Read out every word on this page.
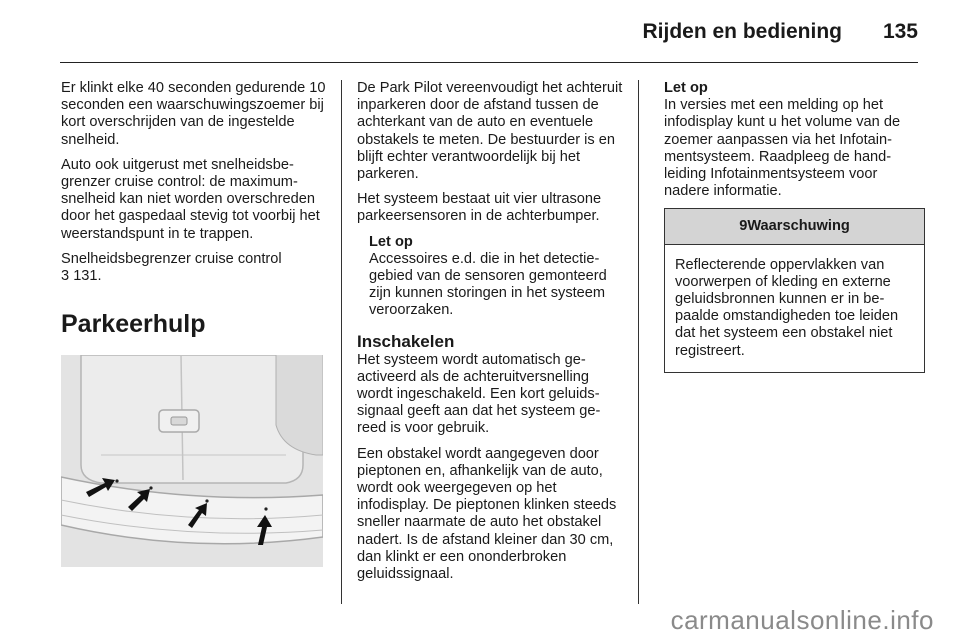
Rijden en bediening 135

Er klinkt elke 40 seconden gedurende 10 seconden een waarschuwingszoemer bij kort overschrijden van de ingestelde snelheid.

Auto ook uitgerust met snelheidsbegrenzer cruise control: de maximumsnelheid kan niet worden overschreden door het gaspedaal stevig tot voorbij het weerstandspunt in te trappen.

Snelheidsbegrenzer cruise control
3 131.

Parkeerhulp

De Park Pilot vereenvoudigt het achteruit inparkeren door de afstand tussen de achterkant van de auto en eventuele obstakels te meten. De bestuurder is en blijft echter verantwoordelijk bij het parkeren.

Het systeem bestaat uit vier ultrasone parkeersensoren in de achterbumper.

Let op
Accessoires e.d. die in het detectiegebied van de sensoren gemonteerd zijn kunnen storingen in het systeem veroorzaken.
Inschakelen

Het systeem wordt automatisch geactiveerd als de achteruitversnelling wordt ingeschakeld. Een kort geluidssignaal geeft aan dat het systeem gereed is voor gebruik.

Een obstakel wordt aangegeven door pieptonen en, afhankelijk van de auto, wordt ook weergegeven op het infodisplay. De pieptonen klinken steeds sneller naarmate de auto het obstakel nadert. Is de afstand kleiner dan 30 cm, dan klinkt er een ononderbroken geluidssignaal.

Let op
In versies met een melding op het infodisplay kunt u het volume van de zoemer aanpassen via het Infotainmentsysteem. Raadpleeg de handleiding Infotainmentsysteem voor nadere informatie.
9Waarschuwing
Reflecterende oppervlakken van voorwerpen of kleding en externe geluidsbronnen kunnen er in bepaalde omstandigheden toe leiden dat het systeem een obstakel niet registreert.
carmanualsonline.info
